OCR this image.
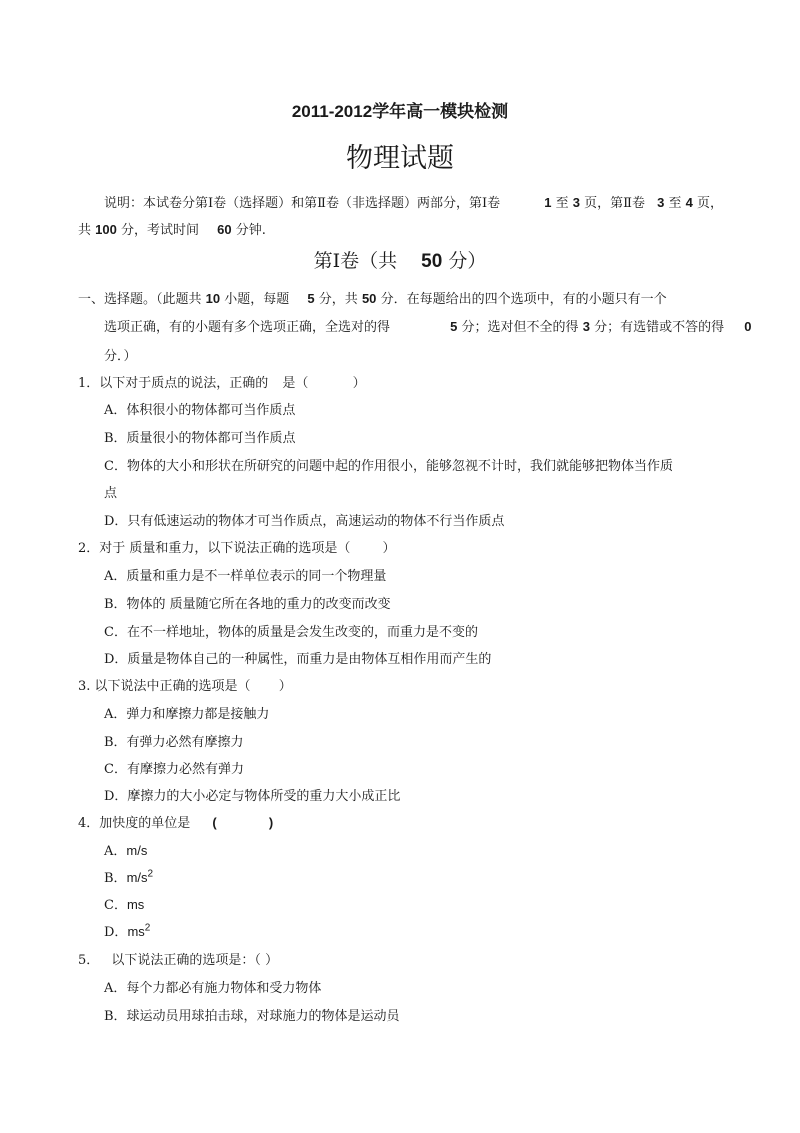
2011-2012学年高一模块检测
物理试题
说明：本试卷分第Ⅰ卷（选择题）和第Ⅱ卷（非选择题）两部分，第Ⅰ卷	1 至 3 页，第Ⅱ卷 3 至 4 页，
共 100 分，考试时间 60 分钟.
第Ⅰ卷（共 50 分）
一、选择题。（此题共 10 小题，每题 5 分，共 50 分．在每题给出的四个选项中，有的小题只有一个
选项正确，有的小题有多个选项正确，全选对的得	5 分；选对但不全的得 3 分；有选错或不答的得 0
分．）
1．以下对于质点的说法，正确的 是（	）
A．体积很小的物体都可当作质点
B．质量很小的物体都可当作质点
C．物体的大小和形状在所研究的问题中起的作用很小，能够忽视不计时，我们就能够把物体当作质
点
D．只有低速运动的物体才可当作质点，高速运动的物体不行当作质点
2．对于 质量和重力，以下说法正确的选项是（ ）
A．质量和重力是不一样单位表示的同一个物理量
B．物体的 质量随它所在各地的重力的改变而改变
C．在不一样地址，物体的质量是会发生改变的，而重力是不变的
D．质量是物体自己的一种属性，而重力是由物体互相作用而产生的
3. 以下说法中正确的选项是（ ）
A．弹力和摩擦力都是接触力
B．有弹力必然有摩擦力
C．有摩擦力必然有弹力
D．摩擦力的大小必定与物体所受的重力大小成正比
4．加快度的单位是 (	)
A．m/s
B．$m/s^2$
C．ms
D．$ms^2$
5． 以下说法正确的选项是：（ ）
A．每个力都必有施力物体和受力物体
B．球运动员用球拍击球，对球施力的物体是运动员
